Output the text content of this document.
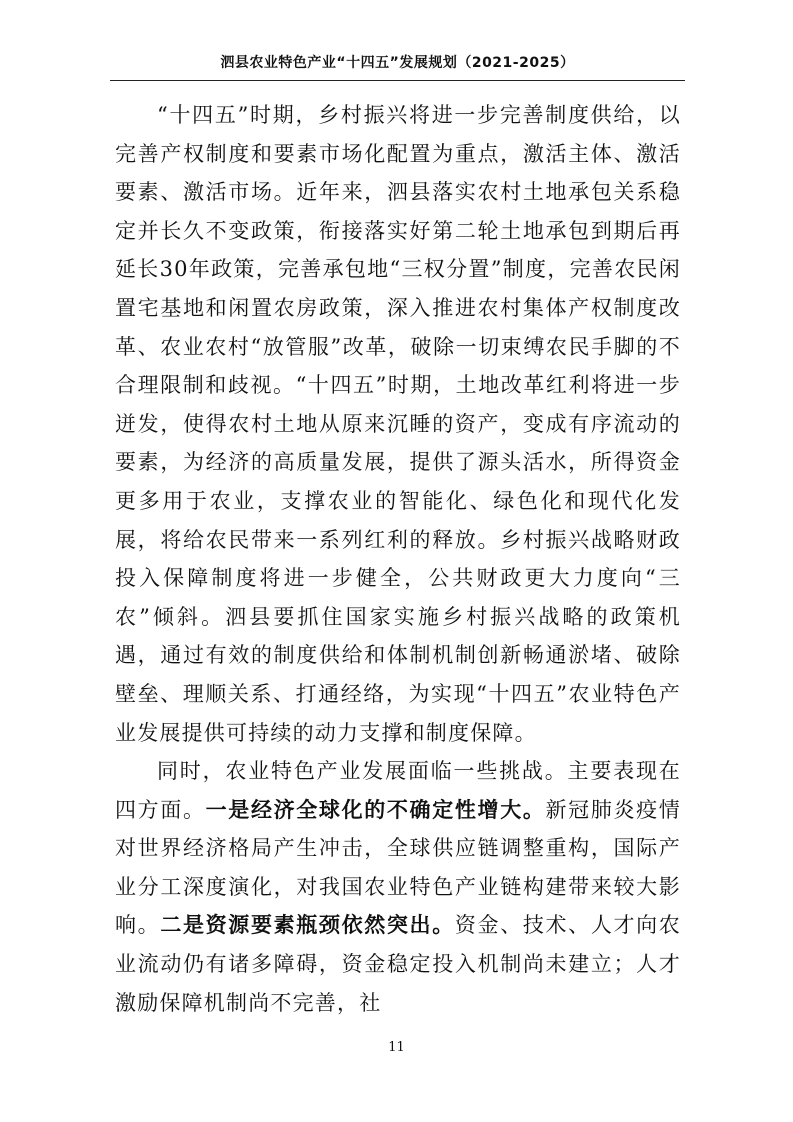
泗县农业特色产业“十四五”发展规划（2021-2025）

“十四五”时期，乡村振兴将进一步完善制度供给，以完善产权制度和要素市场化配置为重点，激活主体、激活要素、激活市场。近年来，泗县落实农村土地承包关系稳定并长久不变政策，衔接落实好第二轮土地承包到期后再延长30年政策，完善承包地“三权分置”制度，完善农民闲置宅基地和闲置农房政策，深入推进农村集体产权制度改革、农业农村“放管服”改革，破除一切束缚农民手脚的不合理限制和歧视。“十四五”时期，土地改革红利将进一步迸发，使得农村土地从原来沉睡的资产，变成有序流动的要素，为经济的高质量发展，提供了源头活水，所得资金更多用于农业，支撑农业的智能化、绿色化和现代化发展，将给农民带来一系列红利的释放。乡村振兴战略财政投入保障制度将进一步健全，公共财政更大力度向“三农”倾斜。泗县要抓住国家实施乡村振兴战略的政策机遇，通过有效的制度供给和体制机制创新畅通淤堵、破除壁垒、理顺关系、打通经络，为实现“十四五”农业特色产业发展提供可持续的动力支撑和制度保障。

同时，农业特色产业发展面临一些挑战。主要表现在四方面。一是经济全球化的不确定性增大。新冠肺炎疫情对世界经济格局产生冲击，全球供应链调整重构，国际产业分工深度演化，对我国农业特色产业链构建带来较大影响。二是资源要素瓶颈依然突出。资金、技术、人才向农业流动仍有诸多障碍，资金稳定投入机制尚未建立；人才激励保障机制尚不完善，社

11
